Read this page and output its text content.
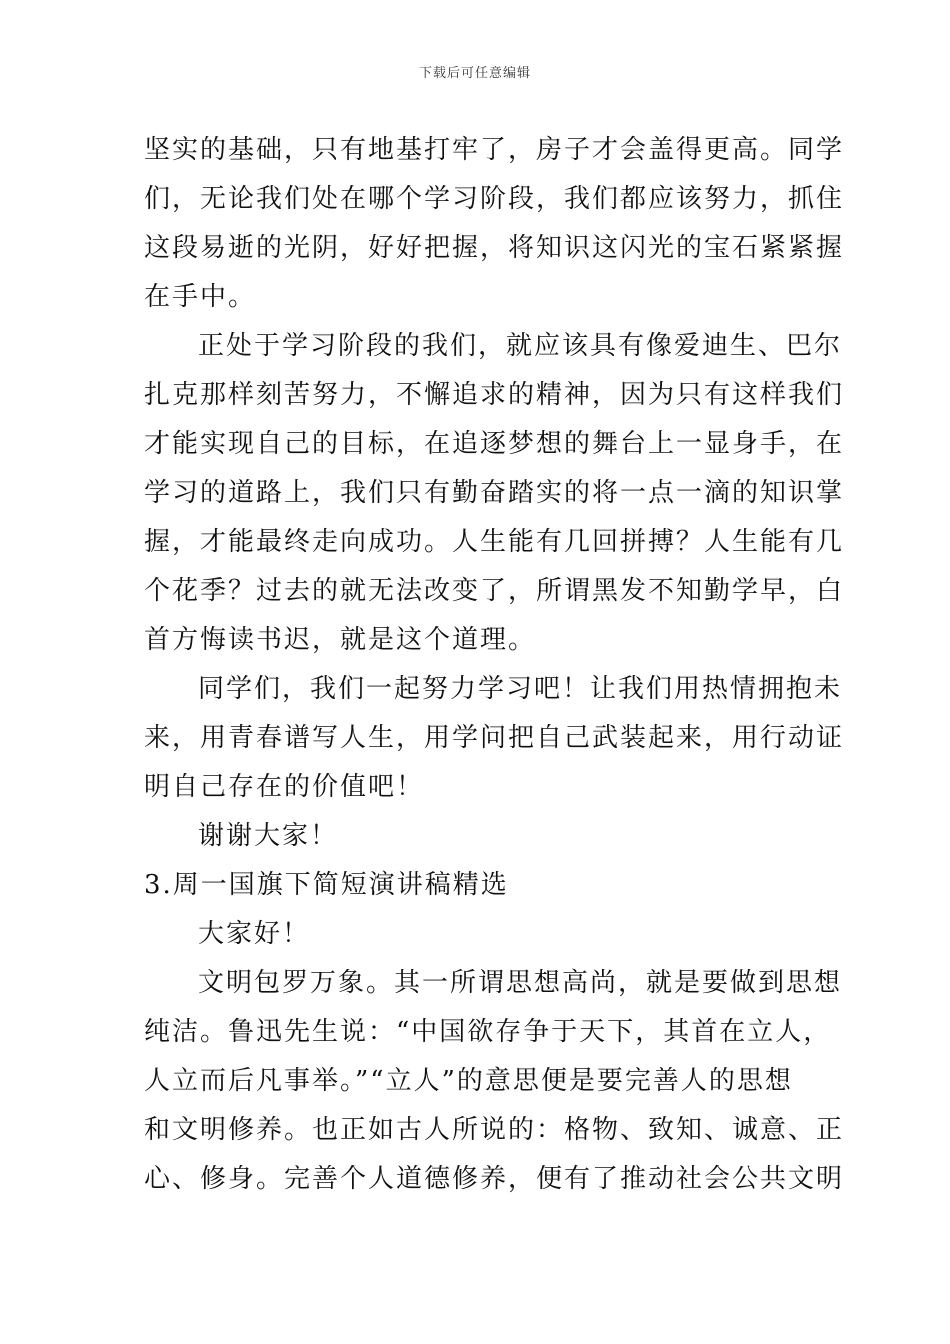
下载后可任意编辑
坚实的基础，只有地基打牢了，房子才会盖得更高。同学
们，无论我们处在哪个学习阶段，我们都应该努力，抓住
这段易逝的光阴，好好把握，将知识这闪光的宝石紧紧握
在手中。
正处于学习阶段的我们，就应该具有像爱迪生、巴尔
扎克那样刻苦努力，不懈追求的精神，因为只有这样我们
才能实现自己的目标，在追逐梦想的舞台上一显身手，在
学习的道路上，我们只有勤奋踏实的将一点一滴的知识掌
握，才能最终走向成功。人生能有几回拼搏？人生能有几
个花季？过去的就无法改变了，所谓黑发不知勤学早，白
首方悔读书迟，就是这个道理。
同学们，我们一起努力学习吧！让我们用热情拥抱未
来，用青春谱写人生，用学问把自己武装起来，用行动证
明自己存在的价值吧！
谢谢大家！
3.周一国旗下简短演讲稿精选
大家好！
文明包罗万象。其一所谓思想高尚，就是要做到思想
纯洁。鲁迅先生说：“中国欲存争于天下，其首在立人，
人立而后凡事举。”“立人”的意思便是要完善人的思想
和文明修养。也正如古人所说的：格物、致知、诚意、正
心、修身。完善个人道德修养，便有了推动社会公共文明
